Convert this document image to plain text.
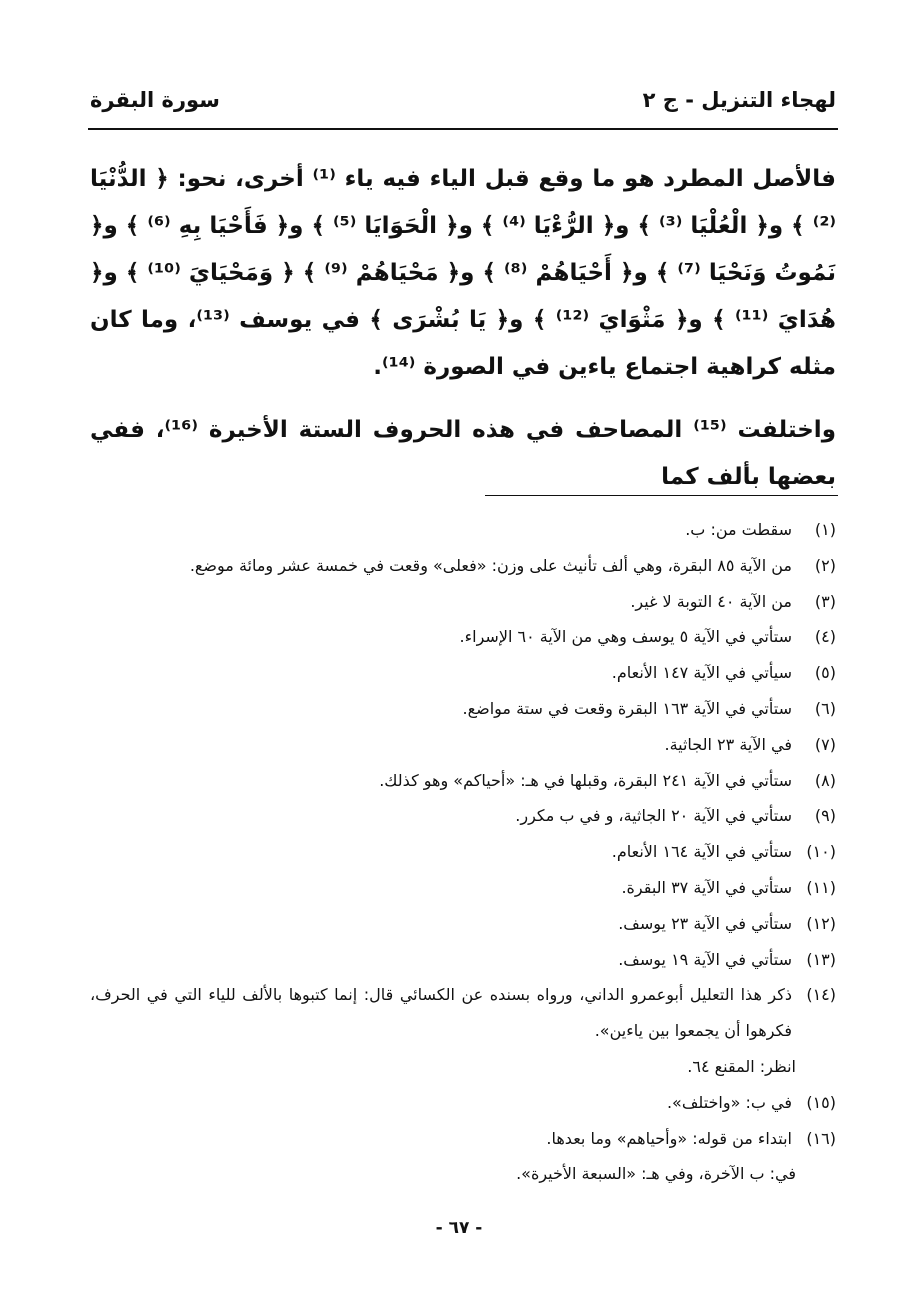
لهجاء التنزيل - ج ٢
سورة البقرة

فالأصل المطرد هو ما وقع قبل الياء فيه ياء ⁽¹⁾ أخرى، نحو: ﴿ الدُّنْيَا ⁽²⁾ ﴾ و﴿ الْعُلْيَا ⁽³⁾ ﴾ و﴿ الرُّءْيَا ⁽⁴⁾ ﴾ و﴿ الْحَوَايَا ⁽⁵⁾ ﴾ و﴿ فَأَحْيَا بِهِ ⁽⁶⁾ ﴾ و﴿ نَمُوتُ وَنَحْيَا ⁽⁷⁾ ﴾ و﴿ أَحْيَاهُمْ ⁽⁸⁾ ﴾ و﴿ مَحْيَاهُمْ ⁽⁹⁾ ﴾ ﴿ وَمَحْيَايَ ⁽¹⁰⁾ ﴾ و﴿ هُدَايَ ⁽¹¹⁾ ﴾ و﴿ مَثْوَايَ ⁽¹²⁾ ﴾ و﴿ يَا بُشْرَى ﴾ في يوسف ⁽¹³⁾، وما كان مثله كراهية اجتماع ياءين في الصورة ⁽¹⁴⁾.

واختلفت ⁽¹⁵⁾ المصاحف في هذه الحروف الستة الأخيرة ⁽¹⁶⁾، ففي بعضها بألف كما

(١)
سقطت من: ب.
(٢)
من الآية ٨٥ البقرة، وهي ألف تأنيث على وزن: «فعلى» وقعت في خمسة عشر ومائة موضع.
(٣)
من الآية ٤٠ التوبة لا غير.
(٤)
ستأتي في الآية ٥ يوسف وهي من الآية ٦٠ الإسراء.
(٥)
سيأتي في الآية ١٤٧ الأنعام.
(٦)
ستأتي في الآية ١٦٣ البقرة وقعت في ستة مواضع.
(٧)
في الآية ٢٣ الجاثية.
(٨)
ستأتي في الآية ٢٤١ البقرة، وقبلها في هـ: «أحياكم» وهو كذلك.
(٩)
ستأتي في الآية ٢٠ الجاثية، و في ب مكرر.
(١٠)
ستأتي في الآية ١٦٤ الأنعام.
(١١)
ستأتي في الآية ٣٧ البقرة.
(١٢)
ستأتي في الآية ٢٣ يوسف.
(١٣)
ستأتي في الآية ١٩ يوسف.
(١٤)
ذكر هذا التعليل أبوعمرو الداني، ورواه بسنده عن الكسائي قال: إنما كتبوها بالألف للياء التي في الحرف، فكرهوا أن يجمعوا بين ياءين».
انظر: المقنع ٦٤.
(١٥)
في ب: «واختلف».
(١٦)
ابتداء من قوله: «وأحياهم» وما بعدها.
في: ب الآخرة، وفي هـ: «السبعة الأخيرة».
- ٦٧ -
